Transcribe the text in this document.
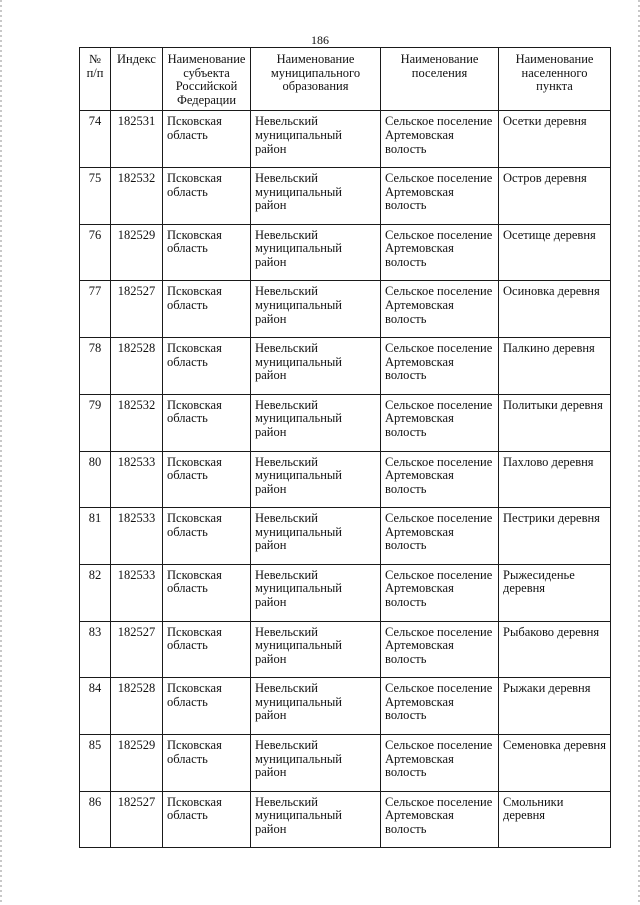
186
№ п/п	Индекс	Наименование субъекта Российской Федерации	Наименование муниципального образования	Наименование поселения	Наименование населенного пункта
74	182531	Псковская область	Невельский муниципальный район	Сельское поселение Артемовская волость	Осетки деревня
75	182532	Псковская область	Невельский муниципальный район	Сельское поселение Артемовская волость	Остров деревня
76	182529	Псковская область	Невельский муниципальный район	Сельское поселение Артемовская волость	Осетище деревня
77	182527	Псковская область	Невельский муниципальный район	Сельское поселение Артемовская волость	Осиновка деревня
78	182528	Псковская область	Невельский муниципальный район	Сельское поселение Артемовская волость	Палкино деревня
79	182532	Псковская область	Невельский муниципальный район	Сельское поселение Артемовская волость	Политыки деревня
80	182533	Псковская область	Невельский муниципальный район	Сельское поселение Артемовская волость	Пахлово деревня
81	182533	Псковская область	Невельский муниципальный район	Сельское поселение Артемовская волость	Пестрики деревня
82	182533	Псковская область	Невельский муниципальный район	Сельское поселение Артемовская волость	Рыжесиденье деревня
83	182527	Псковская область	Невельский муниципальный район	Сельское поселение Артемовская волость	Рыбаково деревня
84	182528	Псковская область	Невельский муниципальный район	Сельское поселение Артемовская волость	Рыжаки деревня
85	182529	Псковская область	Невельский муниципальный район	Сельское поселение Артемовская волость	Семеновка деревня
86	182527	Псковская область	Невельский муниципальный район	Сельское поселение Артемовская волость	Смольники деревня
